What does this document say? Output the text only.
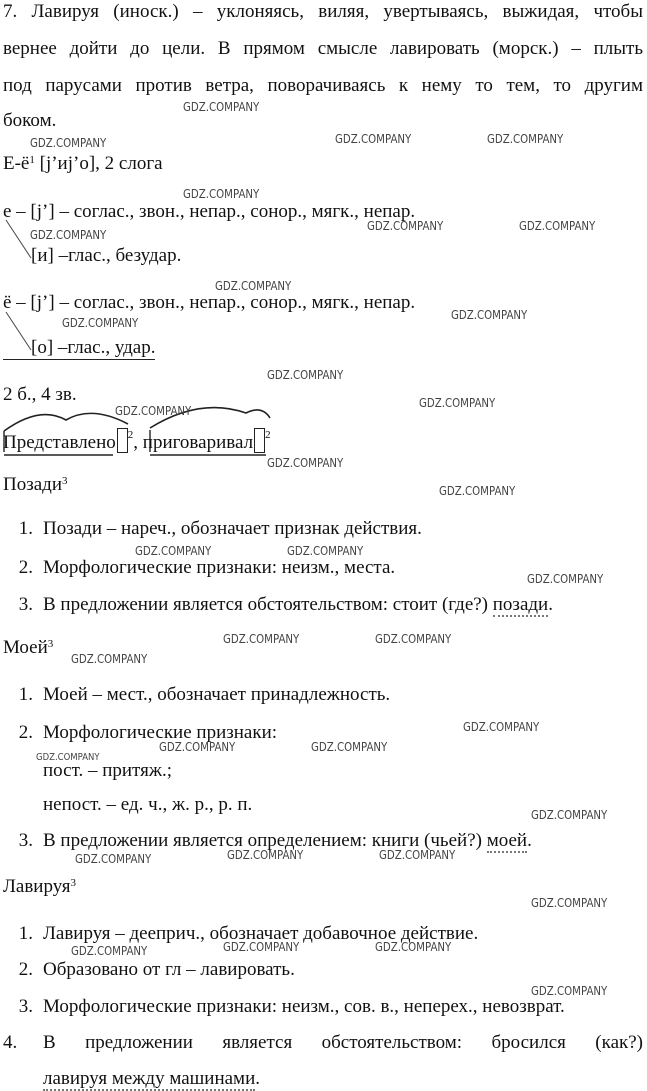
7. Лавируя (иноск.) – уклоняясь, виляя, увертываясь, выжидая, чтобы
вернее дойти до цели. В прямом смысле лавировать (морск.) – плыть
под парусами против ветра, поворачиваясь к нему то тем, то другим
боком.
$Е-ё^1$ [j’иj’о], 2 слога
е – [j’] – соглас., звон., непар., сонор., мягк., непар.
[и] –глас., безудар.
ё – [j’] – соглас., звон., непар., сонор., мягк., непар.
[о] –глас., удар.
2 б., 4 зв.
Представлено $^2$, приговаривал $^2$
Позади$^3$
1. Позади – нареч., обозначает признак действия.
2. Морфологические признаки: неизм., места.
3. В предложении является обстоятельством: стоит (где?) позади.
Моей$^3$
1. Моей – мест., обозначает принадлежность.
2. Морфологические признаки:
пост. – притяж.;
непост. – ед. ч., ж. р., р. п.
3. В предложении является определением: книги (чьей?) моей.
Лавируя$^3$
1. Лавируя – дееприч., обозначает добавочное действие.
2. Образовано от гл – лавировать.
3. Морфологические признаки: неизм., сов. в., неперех., невозврат.
4. В предложении является обстоятельством: бросился (как?)
лавируя между машинами.
GDZ.COMPANY
GDZ.COMPANY	GDZ.COMPANY	GDZ.COMPANY
GDZ.COMPANY
GDZ.COMPANY
GDZ.COMPANY	GDZ.COMPANY
GDZ.COMPANY
GDZ.COMPANY
GDZ.COMPANY
GDZ.COMPANY
GDZ.COMPANY
GDZ.COMPANY
GDZ.COMPANY
GDZ.COMPANY
GDZ.COMPANY	GDZ.COMPANY
GDZ.COMPANY
GDZ.COMPANY	GDZ.COMPANY
GDZ.COMPANY
GDZ.COMPANY
GDZ.COMPANY	GDZ.COMPANY
GDZ.COMPANY
GDZ.COMPANY
GDZ.COMPANY	GDZ.COMPANY	GDZ.COMPANY
GDZ.COMPANY
GDZ.COMPANY	GDZ.COMPANY	GDZ.COMPANY
GDZ.COMPANY
